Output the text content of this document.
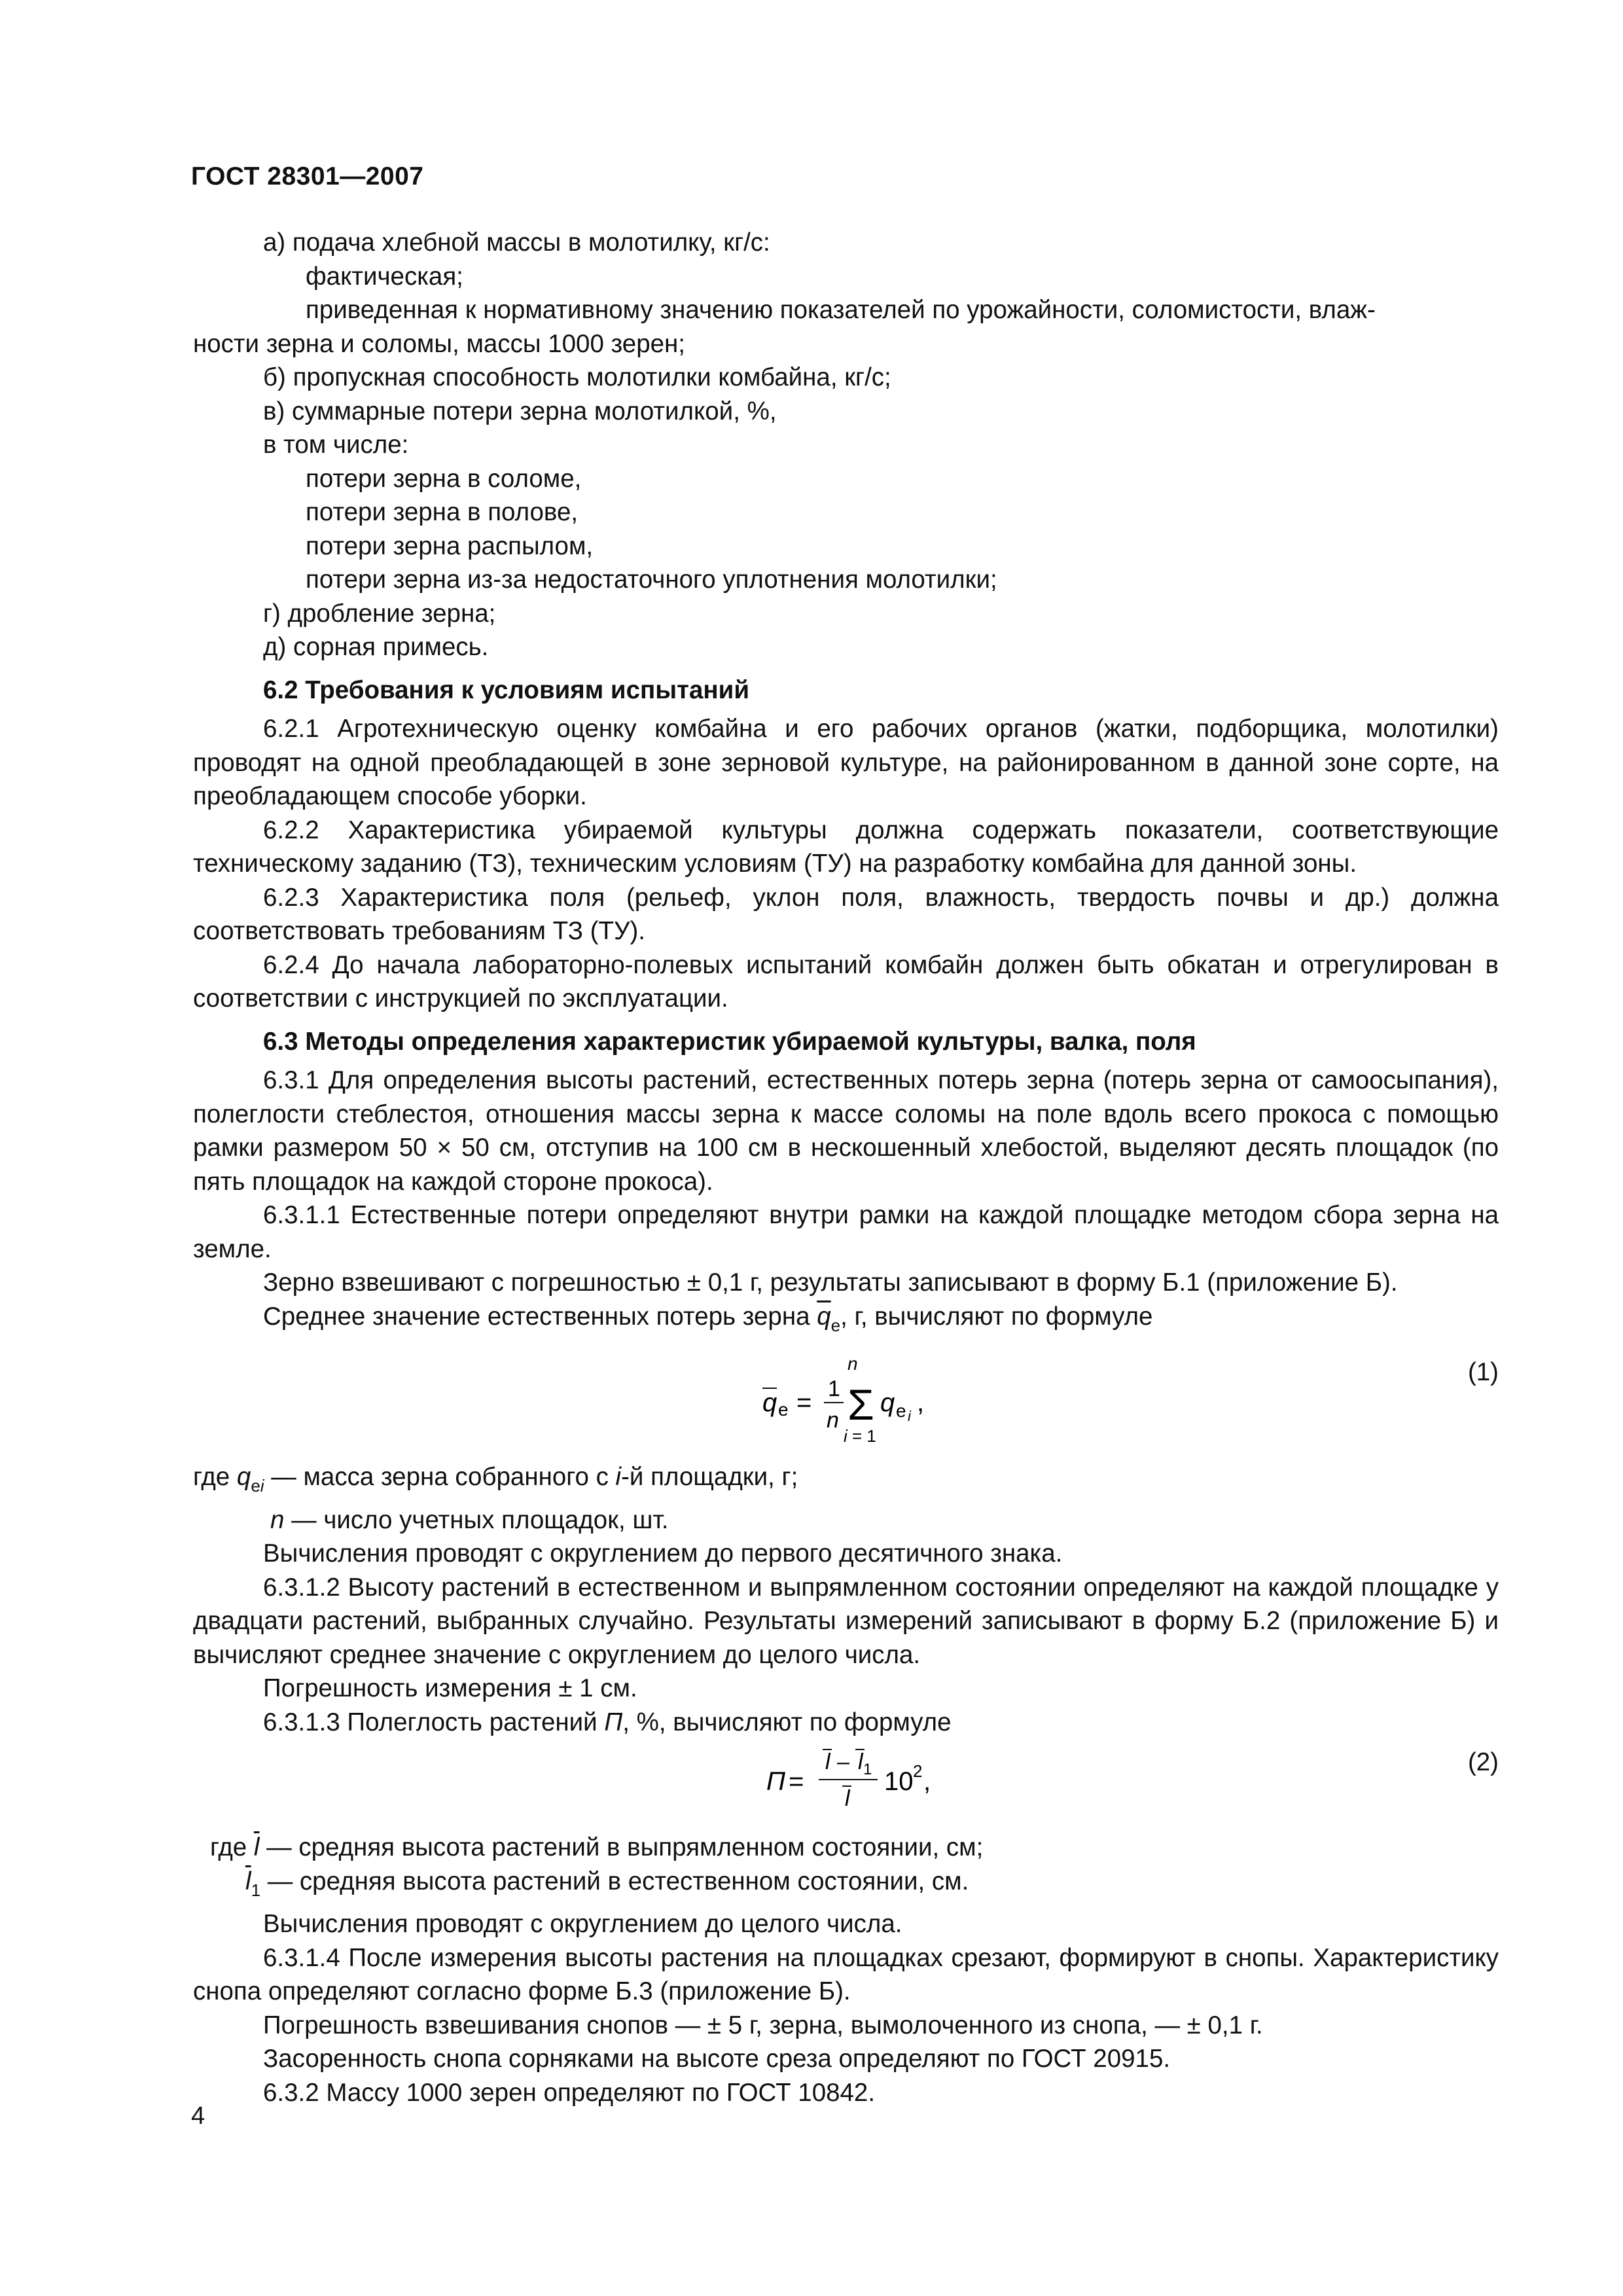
ГОСТ 28301—2007

а) подача хлебной массы в молотилку, кг/с:

фактическая;

приведенная к нормативному значению показателей по урожайности, соломистости, влаж-

ности зерна и соломы, массы 1000 зерен;

б) пропускная способность молотилки комбайна, кг/с;

в) суммарные потери зерна молотилкой, %,

в том числе:

потери зерна в соломе,

потери зерна в полове,

потери зерна распылом,

потери зерна из-за недостаточного уплотнения молотилки;

г) дробление зерна;

д) сорная примесь.

6.2 Требования к условиям испытаний

6.2.1 Агротехническую оценку комбайна и его рабочих органов (жатки, подборщика, молотилки) проводят на одной преобладающей в зоне зерновой культуре, на районированном в данной зоне сорте, на преобладающем способе уборки.

6.2.2 Характеристика убираемой культуры должна содержать показатели, соответствующие техническому заданию (ТЗ), техническим условиям (ТУ) на разработку комбайна для данной зоны.

6.2.3 Характеристика поля (рельеф, уклон поля, влажность, твердость почвы и др.) должна соответствовать требованиям ТЗ (ТУ).

6.2.4 До начала лабораторно-полевых испытаний комбайн должен быть обкатан и отрегулирован в соответствии с инструкцией по эксплуатации.

6.3 Методы определения характеристик убираемой культуры, валка, поля

6.3.1 Для определения высоты растений, естественных потерь зерна (потерь зерна от самоосыпания), полеглости стеблестоя, отношения массы зерна к массе соломы на поле вдоль всего прокоса с помощью рамки размером 50 × 50 см, отступив на 100 см в нескошенный хлебостой, выделяют десять площадок (по пять площадок на каждой стороне прокоса).

6.3.1.1 Естественные потери определяют внутри рамки на каждой площадке методом сбора зерна на земле.

Зерно взвешивают с погрешностью ± 0,1 г, результаты записывают в форму Б.1 (приложение Б).

Среднее значение естественных потерь зерна $\overline{q}_e$, г, вычисляют по формуле

q e = 1
n
n
Σ
i = 1
q e i ,
(1)

где $q_{ei}$ — масса зерна собранного с i-й площадки, г;

n — число учетных площадок, шт.

Вычисления проводят с округлением до первого десятичного знака.

6.3.1.2 Высоту растений в естественном и выпрямленном состоянии определяют на каждой площадке у двадцати растений, выбранных случайно. Результаты измерений записывают в форму Б.2 (приложение Б) и вычисляют среднее значение с округлением до целого числа.

Погрешность измерения ± 1 см.

6.3.1.3 Полеглость растений П, %, вычисляют по формуле

П =
l – l 1
l
10 2 ,
(2)

где $\overline{l}$ — средняя высота растений в выпрямленном состоянии, см;

$\overline{l}_1$ — средняя высота растений в естественном состоянии, см.

Вычисления проводят с округлением до целого числа.

6.3.1.4 После измерения высоты растения на площадках срезают, формируют в снопы. Характеристику снопа определяют согласно форме Б.3 (приложение Б).

Погрешность взвешивания снопов — ± 5 г, зерна, вымолоченного из снопа, — ± 0,1 г.

Засоренность снопа сорняками на высоте среза определяют по ГОСТ 20915.

6.3.2 Массу 1000 зерен определяют по ГОСТ 10842.

4
